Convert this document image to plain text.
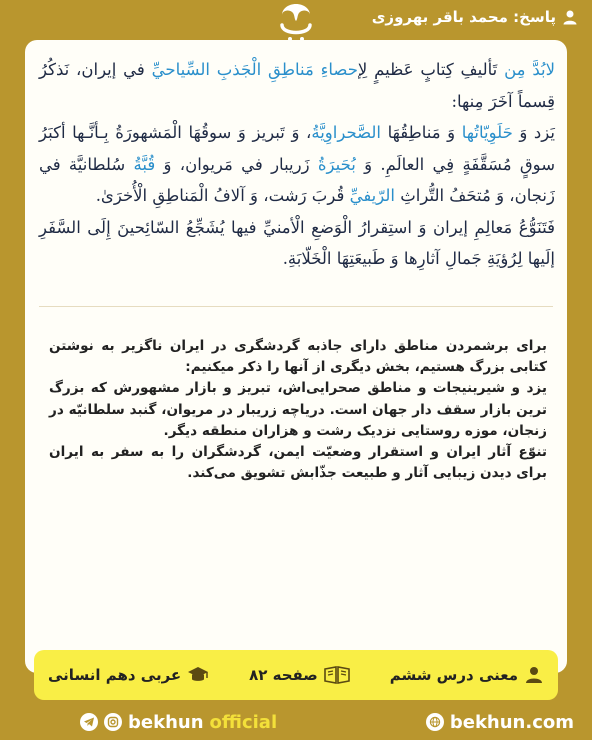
پاسخ: محمد باقر بهروزی

لابُدَّ مِن تَأليفِ كِتابٍ عَظيمٍ لِإحصاءِ مَناطِقِ الْجَذبِ السِّياحيِّ في إيران، نَذكُرُ قِسماً آخَرَ مِنها:

يَزد وَ حَلَوِيّاتُها وَ مَناطِقُهَا الصَّحراوِيَّةُ، وَ تَبريز وَ سوقُهَا الْمَشهورَةُ بِـأنَّـها أكبَرُ سوقٍ مُسَقَّفَةٍ فِي العالَمِ. وَ بُحَيرَةُ زَريبار في مَريوان، وَ قُبَّةُ سُلطانيَّة في زَنجان، وَ مُتحَفُ التُّراثِ الرّيفيِّ قُربَ رَشت، وَ آلافُ الْمَناطِقِ الْأُخرَىٰ.

فَتَنَوُّعُ مَعالِمِ إيران وَ استِقرارُ الْوَضعِ الْأمنيِّ فيها يُشَجِّعُ السّائِحينَ إِلَى السَّفَرِ إلَيها لِرُؤيَةِ جَمالِ آثارِها وَ طَبيعَتِهَا الْخَلّابَةِ.

برای برشمردن مناطق دارای جاذبه گردشگری در ایران ناگزیر به نوشتن کتابی بزرگ هستیم، بخش دیگری از آنها را ذکر میکنیم:

یزد و شیرینیجات و مناطق صحرایی‌اش، تبریز و بازار مشهورش که بزرگ ترین بازار سقف دار جهان است. دریاچه زریبار در مریوان، گنبد سلطانیّه در زنجان، موزه روستایی نزدیک رشت و هزاران منطقه دیگر.

تنوّع آثار ایران و استقرار وضعیّت ایمن، گردشگران را به سفر به ایران برای دیدن زیبایی آثار و طبیعت جذّابش تشویق می‌کند.

معنی درس ششم
صفحه ۸۲
عربی دهم انسانی
bekhun official	bekhun.com
